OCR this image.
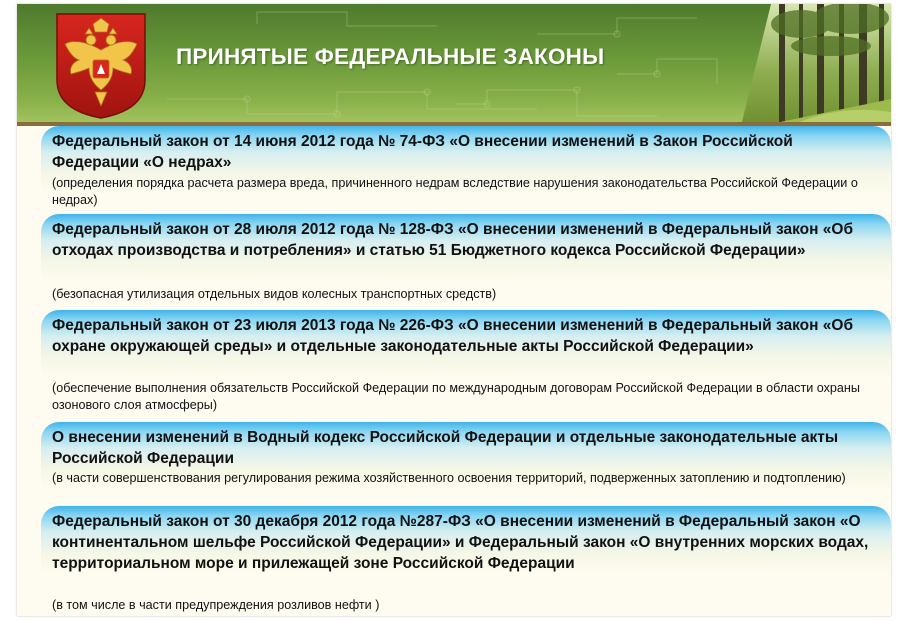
ПРИНЯТЫЕ ФЕДЕРАЛЬНЫЕ ЗАКОНЫ
Федеральный закон от 14 июня 2012 года № 74-ФЗ «О внесении изменений в Закон Российской Федерации «О недрах»
(определения порядка расчета размера вреда, причиненного недрам вследствие нарушения законодательства Российской Федерации о недрах)
Федеральный закон от 28 июля 2012 года № 128-ФЗ «О внесении изменений в Федеральный закон «Об отходах производства и потребления» и статью 51 Бюджетного кодекса Российской Федерации»
(безопасная утилизация отдельных видов колесных транспортных средств)
Федеральный закон от 23 июля 2013 года № 226-ФЗ «О внесении изменений в Федеральный закон «Об охране окружающей среды» и отдельные законодательные акты Российской Федерации»
(обеспечение выполнения обязательств Российской Федерации по международным договорам Российской Федерации в области охраны озонового слоя атмосферы)
О внесении изменений в Водный кодекс Российской Федерации и отдельные законодательные акты Российской Федерации
(в части совершенствования регулирования режима хозяйственного освоения территорий, подверженных затоплению и подтоплению)
Федеральный закон от 30 декабря 2012 года №287-ФЗ «О внесении изменений в Федеральный закон «О континентальном шельфе Российской Федерации» и Федеральный закон «О внутренних морских водах, территориальном море и прилежащей зоне Российской Федерации
(в том числе в части предупреждения розливов нефти )
